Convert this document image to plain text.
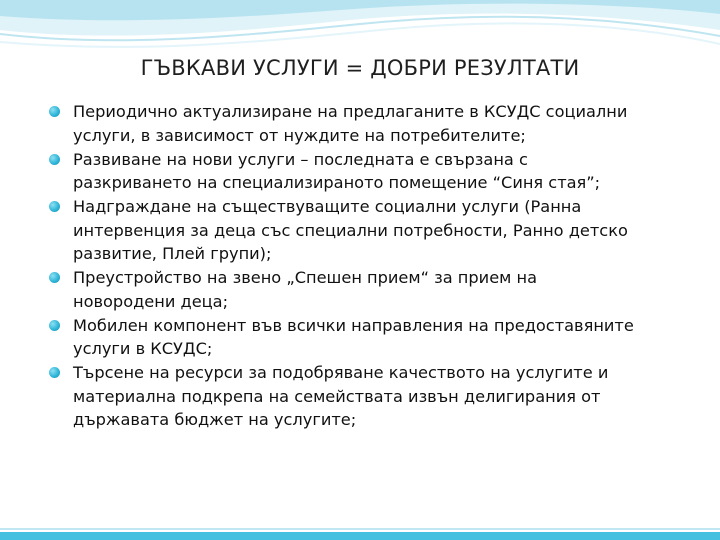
ГЪВКАВИ УСЛУГИ = ДОБРИ РЕЗУЛТАТИ
Периодично актуализиране на предлаганите в КСУДС социални
услуги, в зависимост от нуждите на потребителите;
Развиване на нови услуги – последната е свързана с
разкриването на специализираното помещение “Синя стая”;
Надграждане на съществуващите социални услуги (Ранна
интервенция за деца със специални потребности, Ранно детско
развитие, Плей групи);
Преустройство на звено „Спешен прием“ за прием на
новородени деца;
Мобилен компонент във всички направления на предоставяните
услуги в КСУДС;
Търсене на ресурси за подобряване качеството на услугите и
материална подкрепа на семействата извън делигирания от
държавата бюджет на услугите;
